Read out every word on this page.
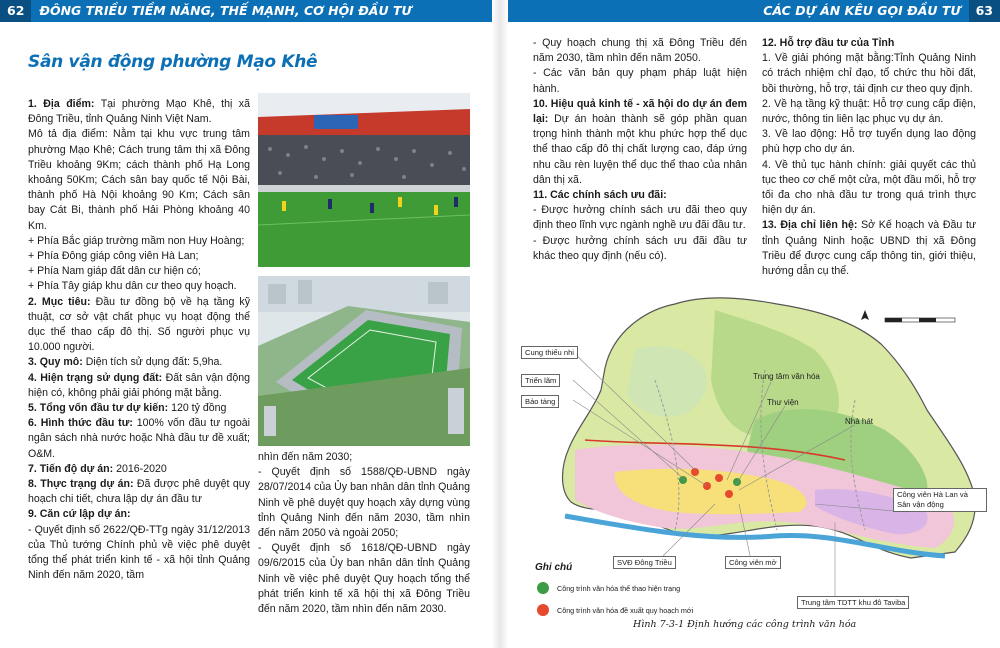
62 ĐÔNG TRIỀU TIỀM NĂNG, THẾ MẠNH, CƠ HỘI ĐẦU TƯ	CÁC DỰ ÁN KÊU GỌI ĐẦU TƯ 63
Sân vận động phường Mạo Khê

1. Địa điểm: Tại phường Mạo Khê, thị xã Đông Triều, tỉnh Quảng Ninh Việt Nam.

Mô tả địa điểm: Nằm tại khu vực trung tâm phường Mạo Khê; Cách trung tâm thị xã Đông Triều khoảng 9Km; cách thành phố Hạ Long khoảng 50Km; Cách sân bay quốc tế Nội Bài, thành phố Hà Nội khoảng 90 Km; Cách sân bay Cát Bi, thành phố Hải Phòng khoảng 40 Km.

+ Phía Bắc giáp trường mầm non Huy Hoàng;

+ Phía Đông giáp công viên Hà Lan;

+ Phía Nam giáp đất dân cư hiện có;

+ Phía Tây giáp khu dân cư theo quy hoạch.

2. Mục tiêu: Đầu tư đồng bộ về hạ tầng kỹ thuật, cơ sở vật chất phục vụ hoạt động thể dục thể thao cấp đô thị. Số người phục vụ 10.000 người.

3. Quy mô: Diện tích sử dụng đất: 5,9ha.

4. Hiện trạng sử dụng đất: Đất sân vận động hiện có, không phải giải phóng mặt bằng.

5. Tổng vốn đầu tư dự kiến: 120 tỷ đồng

6. Hình thức đầu tư: 100% vốn đầu tư ngoài ngân sách nhà nước hoặc Nhà đầu tư đề xuất; O&M.

7. Tiến độ dự án: 2016-2020

8. Thực trạng dự án: Đã được phê duyệt quy hoạch chi tiết, chưa lập dự án đầu tư

9. Căn cứ lập dự án:

- Quyết định số 2622/QĐ-TTg ngày 31/12/2013 của Thủ tướng Chính phủ về việc phê duyệt tổng thể phát triển kinh tế - xã hội tỉnh Quảng Ninh đến năm 2020, tầm

nhìn đến năm 2030;

- Quyết định số 1588/QĐ-UBND ngày 28/07/2014 của Ủy ban nhân dân tỉnh Quảng Ninh về phê duyệt quy hoạch xây dựng vùng tỉnh Quảng Ninh đến năm 2030, tầm nhìn đến năm 2050 và ngoài 2050;

- Quyết định số 1618/QĐ-UBND ngày 09/6/2015 của Ủy ban nhân dân tỉnh Quảng Ninh về việc phê duyệt Quy hoạch tổng thể phát triển kinh tế xã hội thị xã Đông Triều đến năm 2020, tầm nhìn đến năm 2030.

- Quy hoạch chung thị xã Đông Triều đến năm 2030, tầm nhìn đến năm 2050.

- Các văn bản quy phạm pháp luật hiện hành.

10. Hiệu quả kinh tế - xã hội do dự án đem lại: Dự án hoàn thành sẽ góp phần quan trọng hình thành một khu phức hợp thể dục thể thao cấp đô thị chất lượng cao, đáp ứng nhu cầu rèn luyện thể dục thể thao của nhân dân thị xã.

11. Các chính sách ưu đãi:

- Được hưởng chính sách ưu đãi theo quy định theo lĩnh vực ngành nghề ưu đãi đầu tư.

- Được hưởng chính sách ưu đãi đầu tư khác theo quy định (nếu có).

12. Hỗ trợ đầu tư của Tỉnh

1. Về giải phóng mặt bằng:Tỉnh Quảng Ninh có trách nhiệm chỉ đạo, tổ chức thu hồi đất, bồi thường, hỗ trợ, tái định cư theo quy định.

2. Về hạ tầng kỹ thuật: Hỗ trợ cung cấp điện, nước, thông tin liên lạc phục vụ dự án.

3. Về lao động: Hỗ trợ tuyển dụng lao động phù hợp cho dự án.

4. Về thủ tục hành chính: giải quyết các thủ tục theo cơ chế một cửa, một đầu mối, hỗ trợ tối đa cho nhà đầu tư trong quá trình thực hiện dự án.

13. Địa chỉ liên hệ: Sở Kế hoạch và Đầu tư tỉnh Quảng Ninh hoặc UBND thị xã Đông Triều để được cung cấp thông tin, giới thiệu, hướng dẫn cụ thể.

Cung thiếu nhi
Triển lãm
Bảo tàng
Trung tâm văn hóa
Thư viện
Nhà hát
Công viên Hà Lan và Sân vận động
SVĐ Đông Triều	Công viên mở
Trung tâm TDTT khu đô Taviba
Ghi chú
Công trình văn hóa thể thao hiện trạng
Công trình văn hóa đề xuất quy hoạch mới
Hình 7-3-1 Định hướng các công trình văn hóa
